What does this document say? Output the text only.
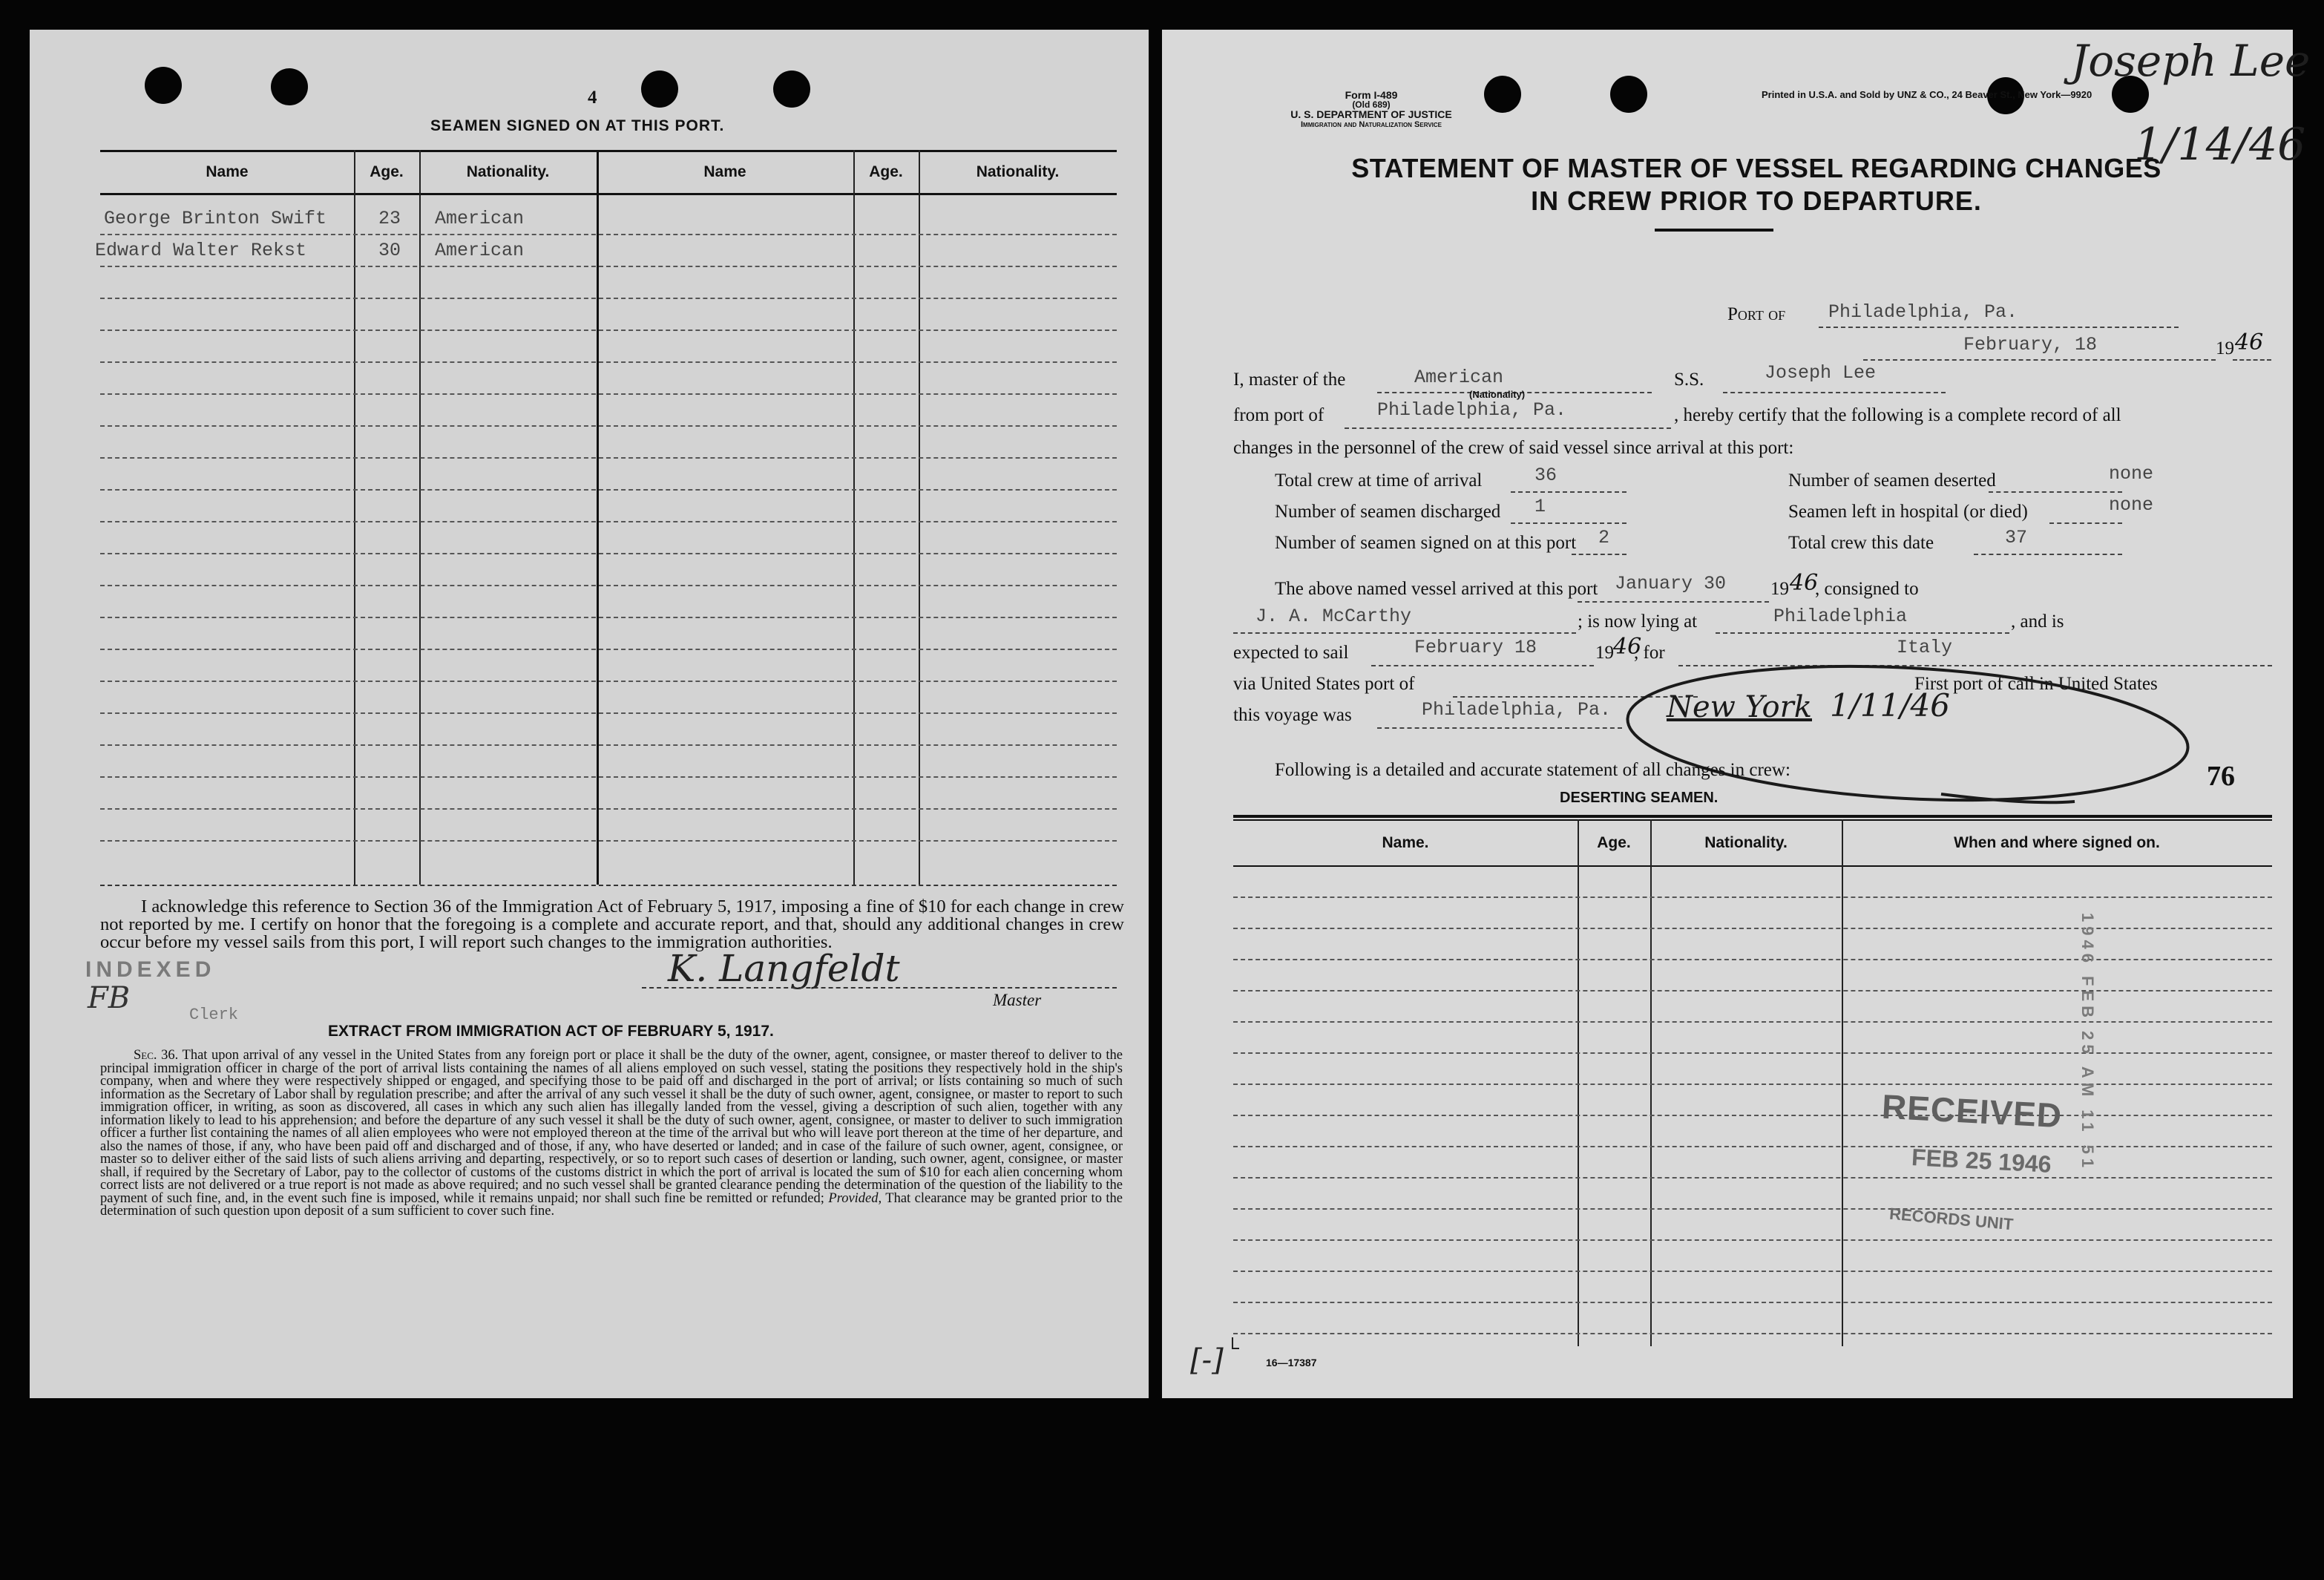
4
SEAMEN SIGNED ON AT THIS PORT.
Name	Age.	Nationality.	Name	Age.	Nationality.
George Brinton Swift	23 American
Edward Walter Rekst	30 American
I acknowledge this reference to Section 36 of the Immigration Act of February 5, 1917, imposing a fine of $10 for each change in crew not reported by me. I certify on honor that the foregoing is a complete and accurate report, and that, should any additional changes in crew occur before my vessel sails from this port, I will report such changes to the immigration authorities.
K. Langfeldt
Master
INDEXED
FB	Clerk
EXTRACT FROM IMMIGRATION ACT OF FEBRUARY 5, 1917.
Sec. 36. That upon arrival of any vessel in the United States from any foreign port or place it shall be the duty of the owner, agent, consignee, or master thereof to deliver to the principal immigration officer in charge of the port of arrival lists containing the names of all aliens employed on such vessel, stating the positions they respectively hold in the ship's company, when and where they were respectively shipped or engaged, and specifying those to be paid off and discharged in the port of arrival; or lists containing so much of such information as the Secretary of Labor shall by regulation prescribe; and after the arrival of any such vessel it shall be the duty of such owner, agent, consignee, or master to report to such immigration officer, in writing, as soon as discovered, all cases in which any such alien has illegally landed from the vessel, giving a description of such alien, together with any information likely to lead to his apprehension; and before the departure of any such vessel it shall be the duty of such owner, agent, consignee, or master to deliver to such immigration officer a further list containing the names of all alien employees who were not employed thereon at the time of the arrival but who will leave port thereon at the time of her departure, and also the names of those, if any, who have been paid off and discharged and of those, if any, who have deserted or landed; and in case of the failure of such owner, agent, consignee, or master so to deliver either of the said lists of such aliens arriving and departing, respectively, or so to report such cases of desertion or landing, such owner, agent, consignee, or master shall, if required by the Secretary of Labor, pay to the collector of customs of the customs district in which the port of arrival is located the sum of $10 for each alien concerning whom correct lists are not delivered or a true report is not made as above required; and no such vessel shall be granted clearance pending the determination of the question of the liability to the payment of such fine, and, in the event such fine is imposed, while it remains unpaid; nor shall such fine be remitted or refunded; Provided, That clearance may be granted prior to the determination of such question upon deposit of a sum sufficient to cover such fine.
Form I-489
(Old 689)
U. S. DEPARTMENT OF JUSTICE
Immigration and Naturalization Service
Printed in U.S.A. and Sold by UNZ & CO., 24 Beaver St., New York—9920
Joseph Lee
1/14/46
STATEMENT OF MASTER OF VESSEL REGARDING CHANGES
IN CREW PRIOR TO DEPARTURE.
Port of Philadelphia, Pa.
February, 18	19 46
I, master of the	American
(Nationality)
S.S.	Joseph Lee
from port of	Philadelphia, Pa.	, hereby certify that the following is a complete record of all
changes in the personnel of the crew of said vessel since arrival at this port:
Total crew at time of arrival	36	Number of seamen deserted	none
Number of seamen discharged 1	Seamen left in hospital (or died)	none
Number of seamen signed on at this port 2	Total crew this date	37
The above named vessel arrived at this port January 30 19 46
, consigned to
J. A. McCarthy	; is now lying at	Philadelphia	, and is
expected to sail	February 18	19 46
, for	Italy
via United States port of	First port of call in United States
this voyage was	Philadelphia, Pa. New York 1/11/46
Following is a detailed and accurate statement of all changes in crew:	76
DESERTING SEAMEN.
Name.	Age.	Nationality.	When and where signed on.
RECEIVED
FEB 25 1946
RECORDS UNIT
1946 FEB 25 AM 11 51
16—17387
[-]
